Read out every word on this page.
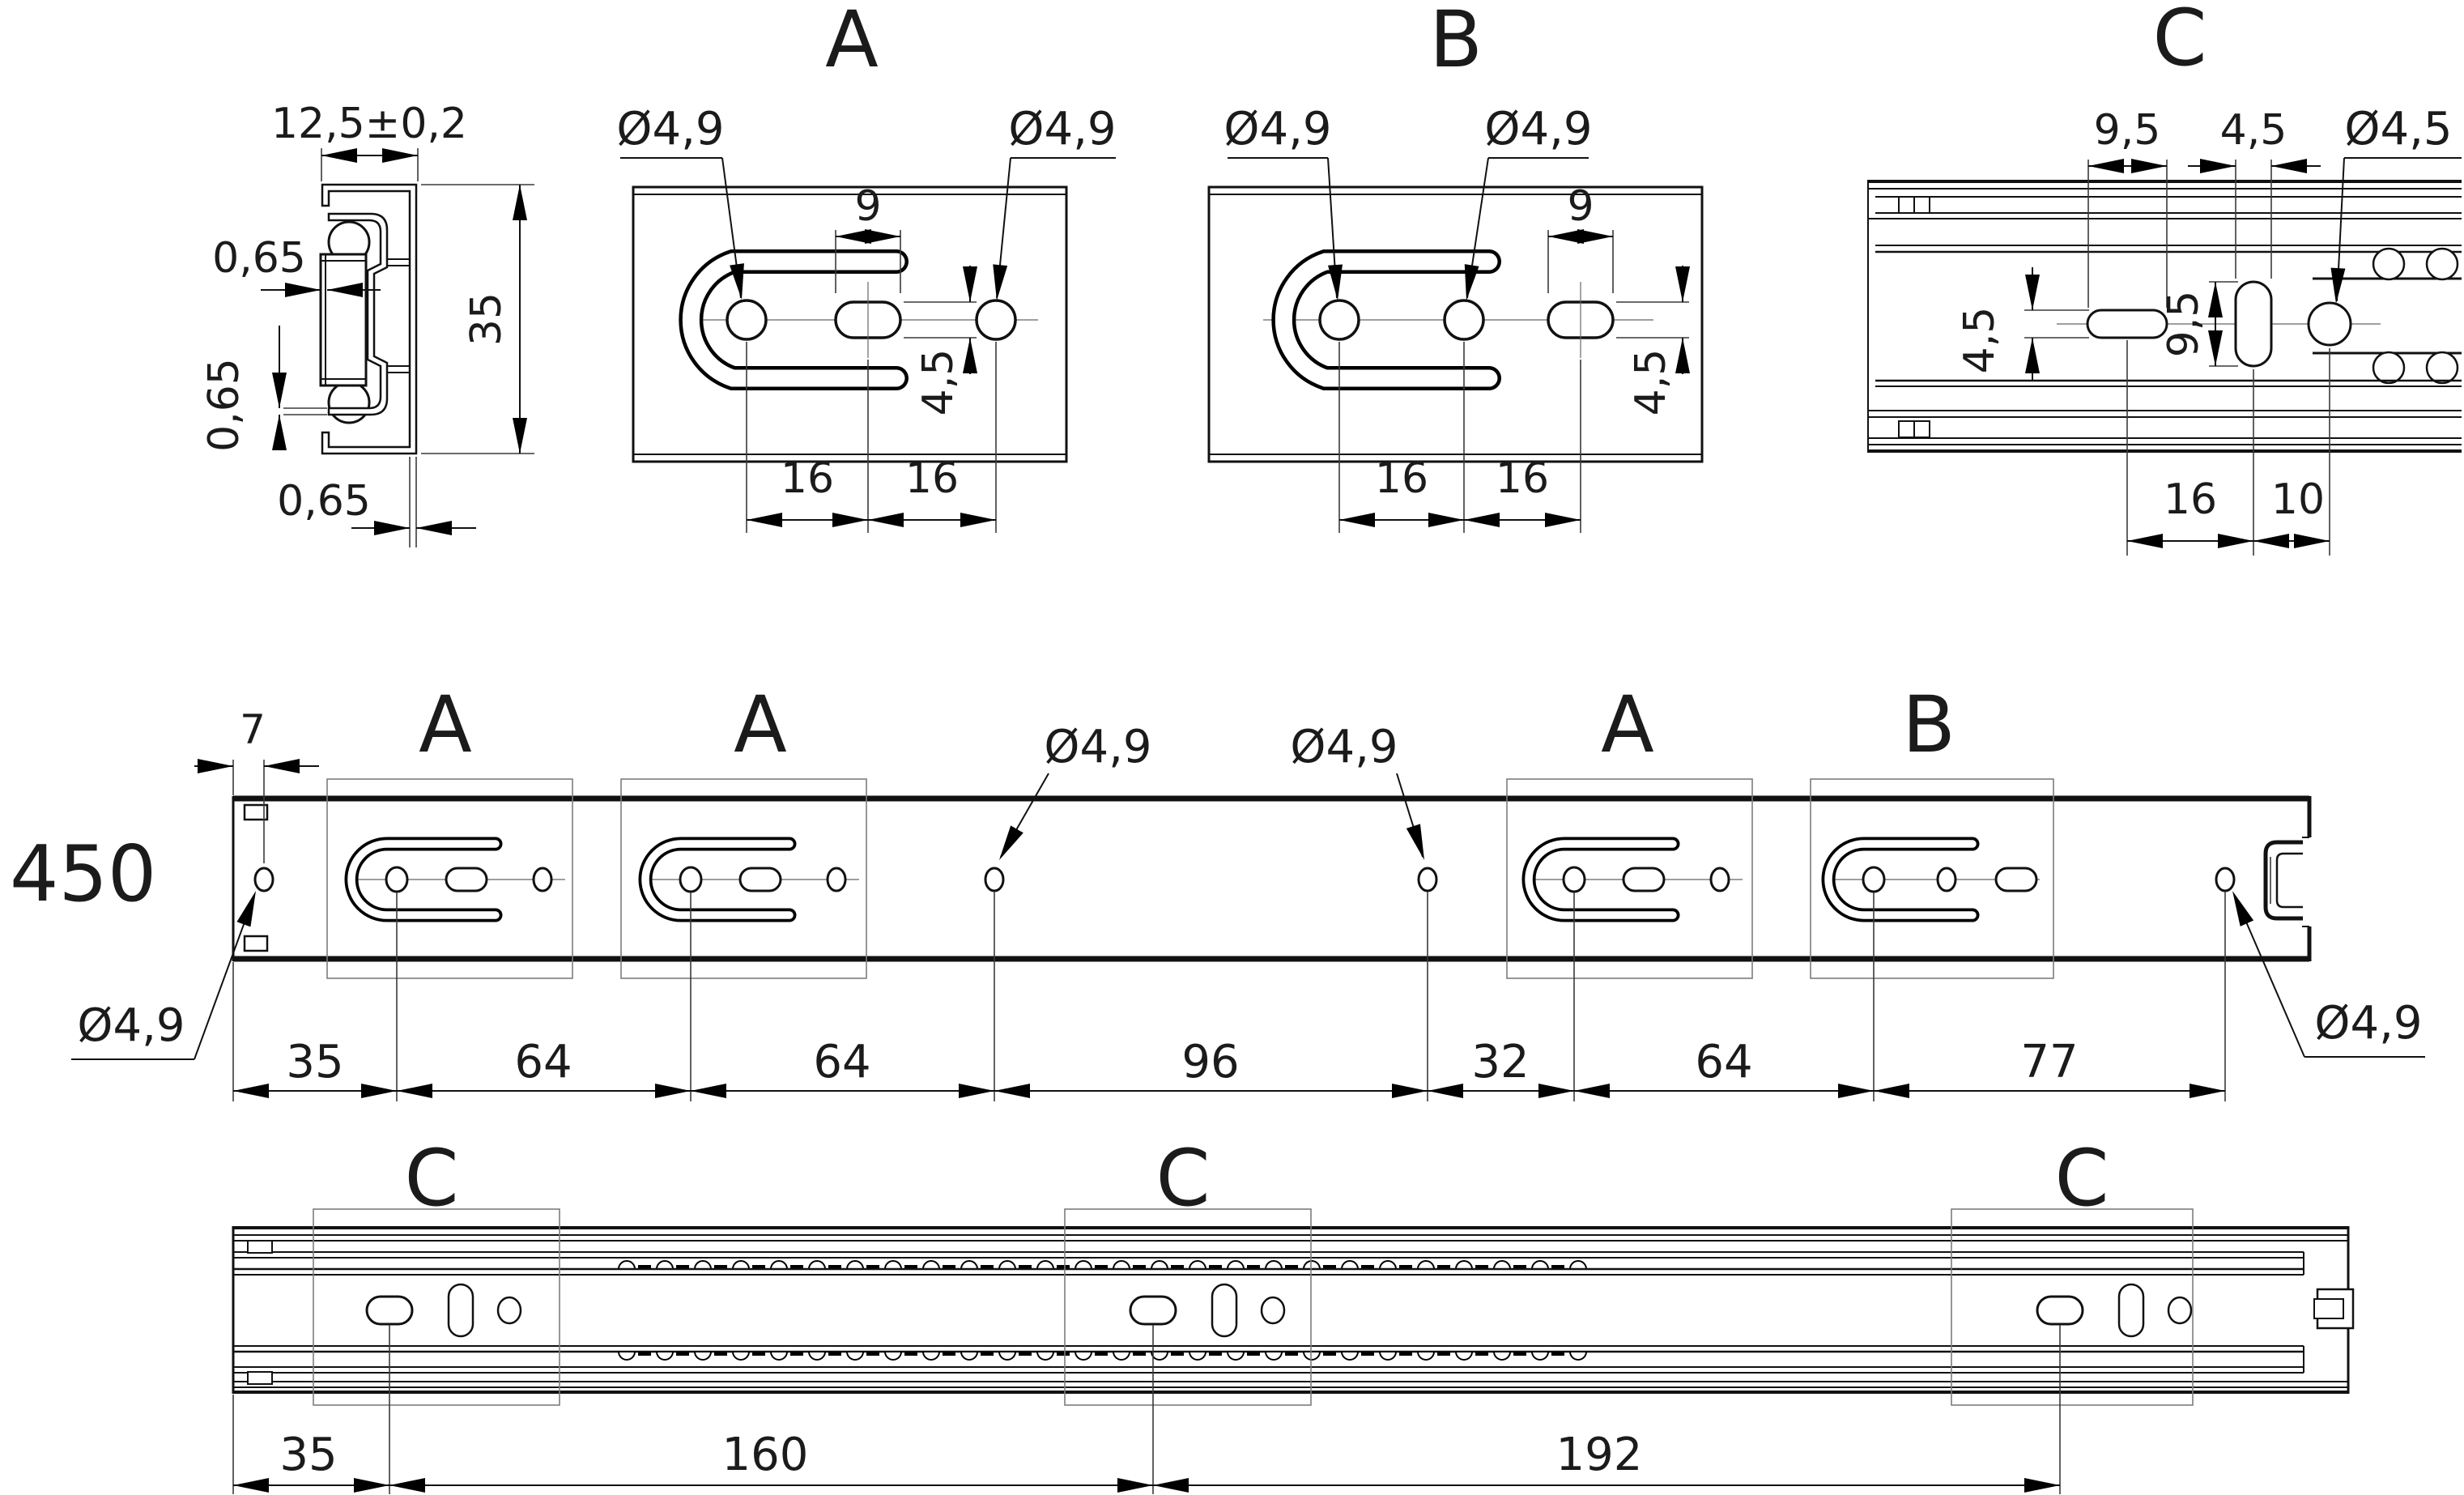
12,5±0,2
35
0,65
0,65
0,65
A
Ø4,9	Ø4,9
9
4,5
16 16
B
Ø4,9	Ø4,9
9
4,5
16 16
C
9,5 4,5 Ø4,5
4,5	9,5
16 10
450
A	A	A	B
Ø4,9	Ø4,9
7
Ø4,9	Ø4,9
35	64	64	96	32	64	77
C	C	C
35	160	192
